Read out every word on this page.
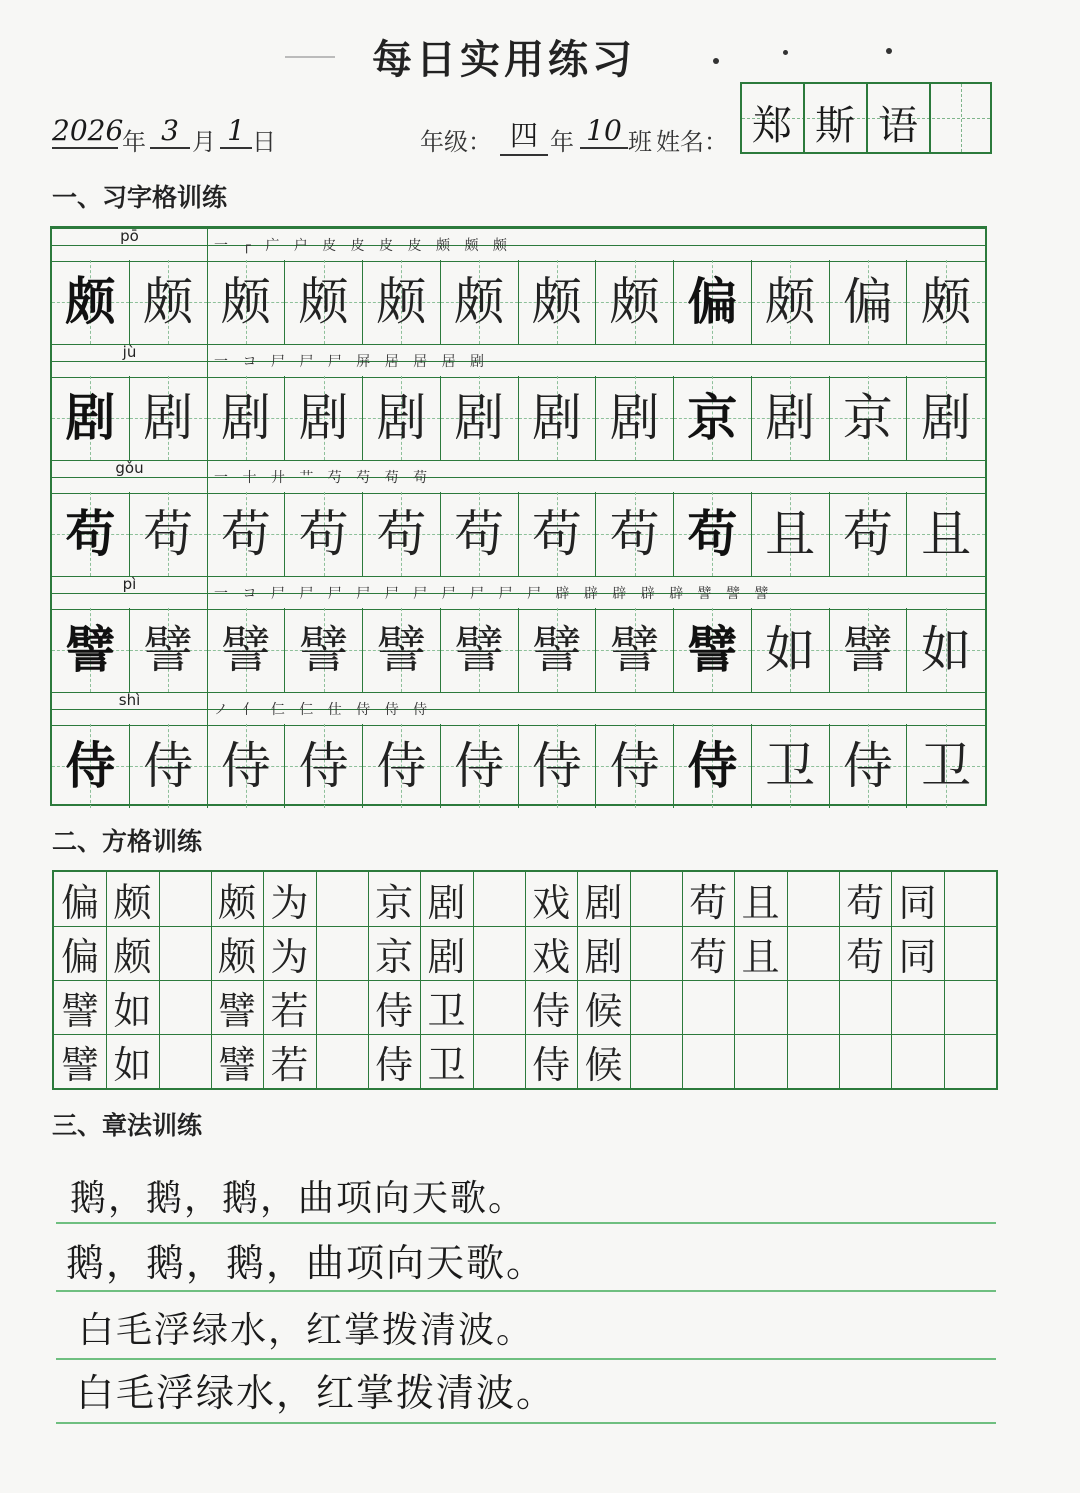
每日实用练习
2026
年 3 月 1 日	年级： 四 年 10 班 姓名： 郑 斯 语
一、习字格训练
pō
一 ┌ 广 户 皮 皮 皮 皮 颇 颇 颇
颇 颇 颇 颇 颇 颇 颇 颇 偏 颇 偏 颇
jù
一 コ 尸 尸 尸 屏 居 居 居 剧
剧 剧 剧 剧 剧 剧 剧 剧 京 剧 京 剧
gǒu
一 十 廾 艹 芍 芍 苟 苟
苟 苟 苟 苟 苟 苟 苟 苟 苟 且 苟 且
pì
一 コ 尸 尸 尸 尸 尸 尸 尸 尸 尸 尸 辟 辟 辟 辟 辟 譬 譬 譬
譬 譬 譬 譬 譬 譬 譬 譬 譬 如 譬 如
shì
ノ 亻 仁 仁 仕 侍 侍 侍
侍 侍 侍 侍 侍 侍 侍 侍 侍 卫 侍 卫
二、方格训练
偏 颇 颇 为 京 剧 戏 剧 苟 且 苟 同
偏 颇 颇 为 京 剧 戏 剧 苟 且 苟 同
譬 如 譬 若 侍 卫 侍 候
譬 如 譬 若 侍 卫 侍 候
三、章法训练
鹅，鹅，鹅，曲项向天歌。
鹅，鹅，鹅，曲项向天歌。
白毛浮绿水，红掌拨清波。
白毛浮绿水，红掌拨清波。
